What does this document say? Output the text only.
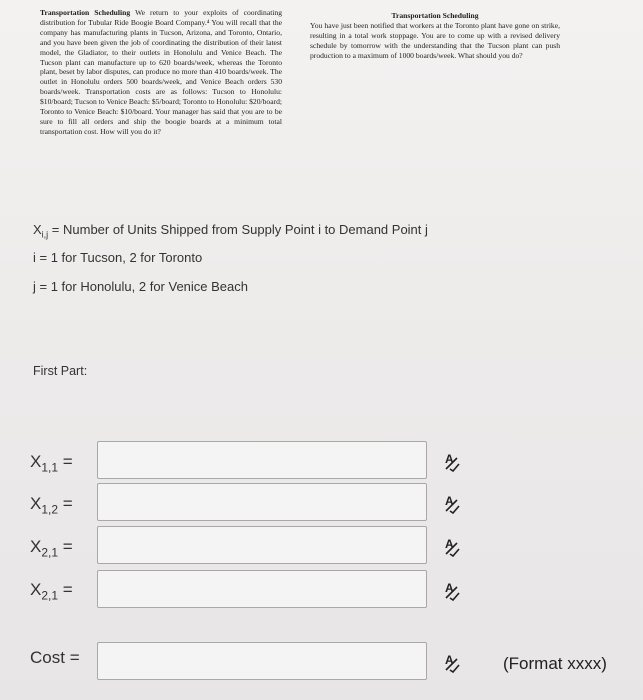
Transportation Scheduling We return to your exploits of coordinating distribution for Tubular Ride Boogie Board Company.⁴ You will recall that the company has manufacturing plants in Tucson, Arizona, and Toronto, Ontario, and you have been given the job of coordinating the distribution of their latest model, the Gladiator, to their outlets in Honolulu and Venice Beach. The Tucson plant can manufacture up to 620 boards/week, whereas the Toronto plant, beset by labor disputes, can produce no more than 410 boards/week. The outlet in Honolulu orders 500 boards/week, and Venice Beach orders 530 boards/week. Transportation costs are as follows: Tucson to Honolulu: $10/board; Tucson to Venice Beach: $5/board; Toronto to Honolulu: $20/board; Toronto to Venice Beach: $10/board. Your manager has said that you are to be sure to fill all orders and ship the boogie boards at a minimum total transportation cost. How will you do it?
Transportation Scheduling
You have just been notified that workers at the Toronto plant have gone on strike, resulting in a total work stoppage. You are to come up with a revised delivery schedule by tomorrow with the understanding that the Tucson plant can push production to a maximum of 1000 boards/week. What should you do?
$X_{i,j}$ = Number of Units Shipped from Supply Point i to Demand Point j
i = 1 for Tucson, 2 for Toronto
j = 1 for Honolulu, 2 for Venice Beach
First Part:
$X_{1,1}$ =	A
$X_{1,2}$ =	A
$X_{2,1}$ =	A
$X_{2,1}$ =	A
Cost =	A	(Format xxxx)
